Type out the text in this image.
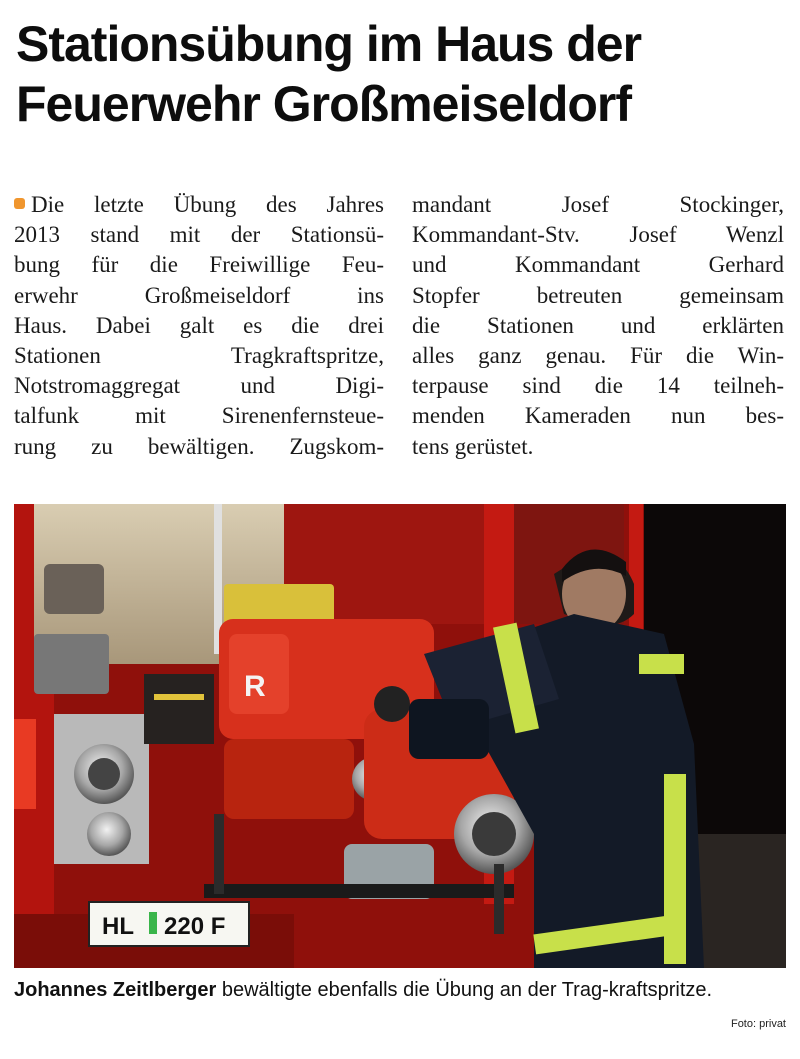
Stationsübung im Haus der
Feuerwehr Großmeiseldorf
Die letzte Übung des Jahres
2013 stand mit der Stationsü-
bung für die Freiwillige Feu-
erwehr Großmeiseldorf ins
Haus. Dabei galt es die drei
Stationen Tragkraftspritze,
Notstromaggregat und Digi-
talfunk mit Sirenenfernsteue-
rung zu bewältigen. Zugskom-
mandant Josef Stockinger,
Kommandant-Stv. Josef Wenzl
und Kommandant Gerhard
Stopfer betreuten gemeinsam
die Stationen und erklärten
alles ganz genau. Für die Win-
terpause sind die 14 teilneh-
menden Kameraden nun bes-
tens gerüstet.
R
HL 220 F
Johannes Zeitlberger bewältigte ebenfalls die Übung an der Trag-kraftspritze.
Foto: privat
